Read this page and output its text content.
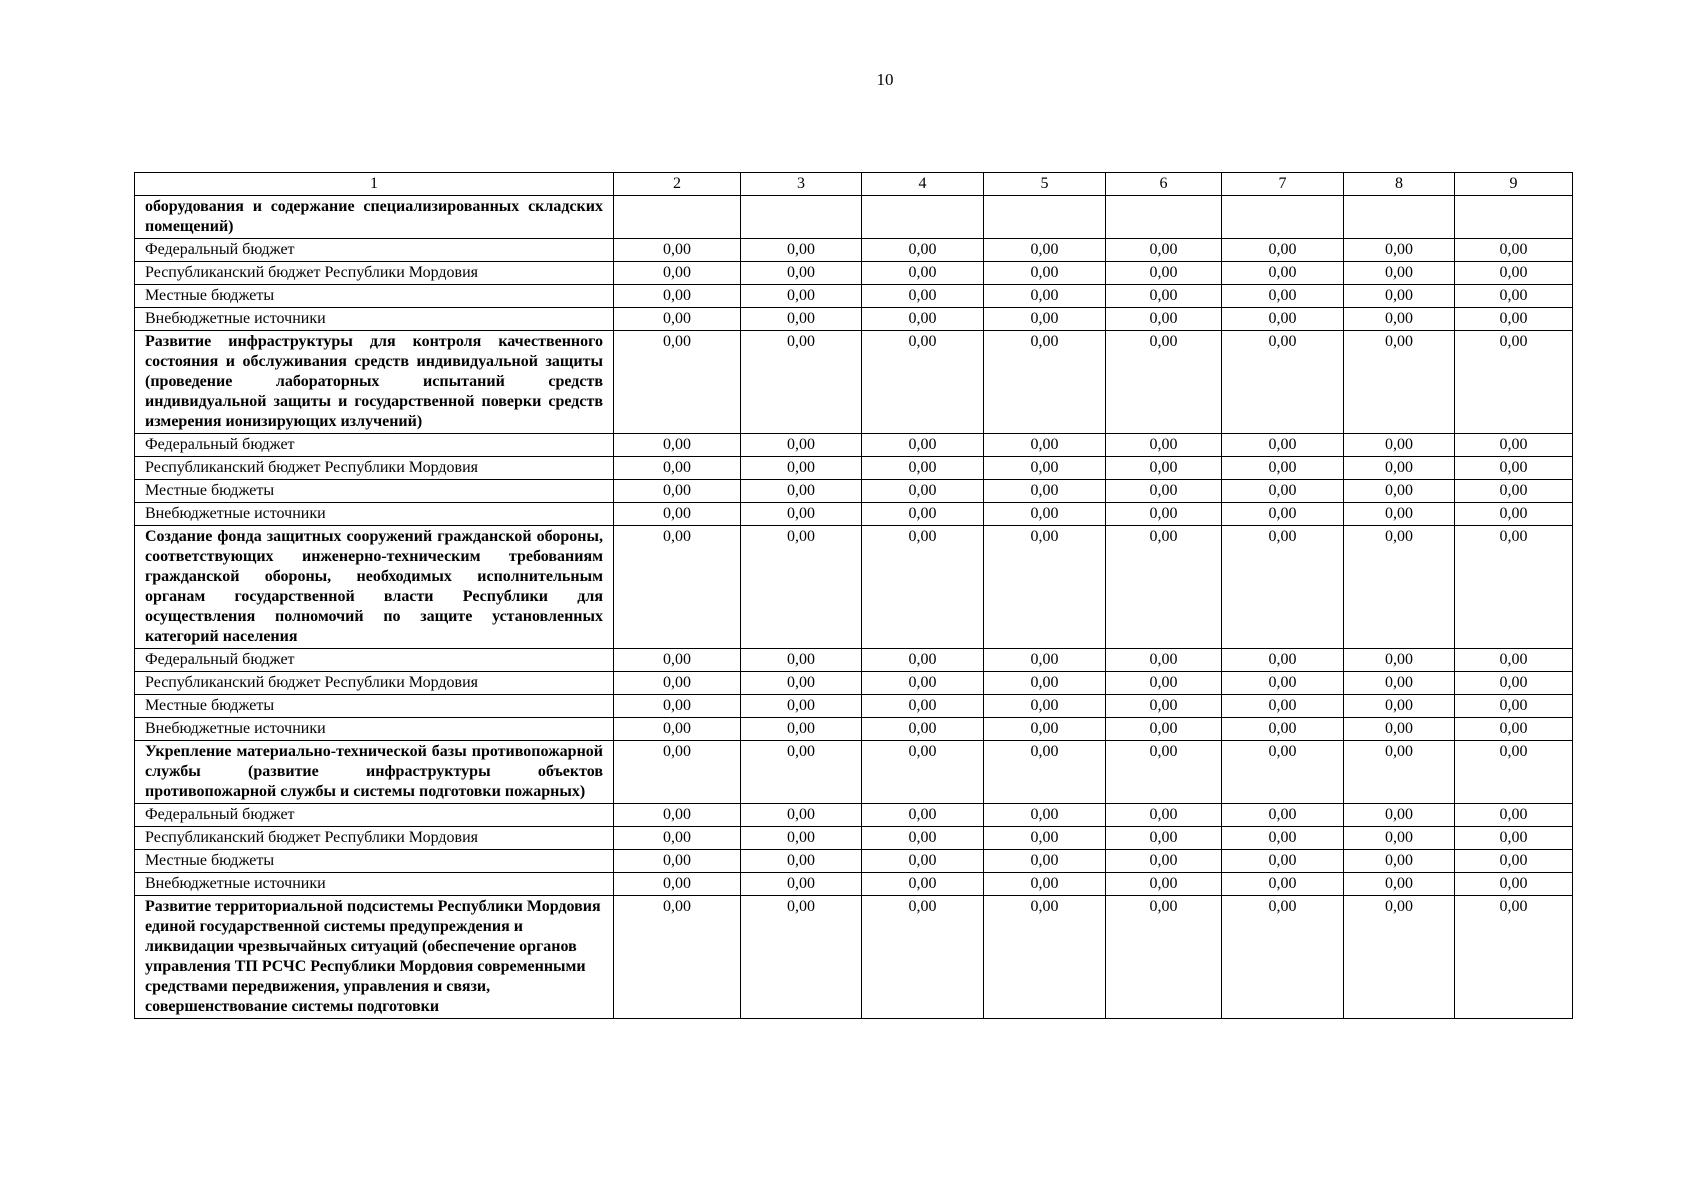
10
1	2	3	4	5	6	7	8	9
оборудования и содержание специализированных складских помещений)								
Федеральный бюджет	0,00	0,00	0,00	0,00	0,00	0,00	0,00	0,00
Республиканский бюджет Республики Мордовия	0,00	0,00	0,00	0,00	0,00	0,00	0,00	0,00
Местные бюджеты	0,00	0,00	0,00	0,00	0,00	0,00	0,00	0,00
Внебюджетные источники	0,00	0,00	0,00	0,00	0,00	0,00	0,00	0,00
Развитие инфраструктуры для контроля качественного состояния и обслуживания средств индивидуальной защиты (проведение лабораторных испытаний средств индивидуальной защиты и государственной поверки средств измерения ионизирующих излучений)	0,00	0,00	0,00	0,00	0,00	0,00	0,00	0,00
Федеральный бюджет	0,00	0,00	0,00	0,00	0,00	0,00	0,00	0,00
Республиканский бюджет Республики Мордовия	0,00	0,00	0,00	0,00	0,00	0,00	0,00	0,00
Местные бюджеты	0,00	0,00	0,00	0,00	0,00	0,00	0,00	0,00
Внебюджетные источники	0,00	0,00	0,00	0,00	0,00	0,00	0,00	0,00
Создание фонда защитных сооружений гражданской обороны, соответствующих инженерно-техническим требованиям гражданской обороны, необходимых исполнительным органам государственной власти Республики для осуществления полномочий по защите установленных категорий населения	0,00	0,00	0,00	0,00	0,00	0,00	0,00	0,00
Федеральный бюджет	0,00	0,00	0,00	0,00	0,00	0,00	0,00	0,00
Республиканский бюджет Республики Мордовия	0,00	0,00	0,00	0,00	0,00	0,00	0,00	0,00
Местные бюджеты	0,00	0,00	0,00	0,00	0,00	0,00	0,00	0,00
Внебюджетные источники	0,00	0,00	0,00	0,00	0,00	0,00	0,00	0,00
Укрепление материально-технической базы противопожарной службы (развитие инфраструктуры объектов противопожарной службы и системы подготовки пожарных)	0,00	0,00	0,00	0,00	0,00	0,00	0,00	0,00
Федеральный бюджет	0,00	0,00	0,00	0,00	0,00	0,00	0,00	0,00
Республиканский бюджет Республики Мордовия	0,00	0,00	0,00	0,00	0,00	0,00	0,00	0,00
Местные бюджеты	0,00	0,00	0,00	0,00	0,00	0,00	0,00	0,00
Внебюджетные источники	0,00	0,00	0,00	0,00	0,00	0,00	0,00	0,00
Развитие территориальной подсистемы Республики Мордовия единой государственной системы предупреждения и ликвидации чрезвычайных ситуаций (обеспечение органов управления ТП РСЧС Республики Мордовия современными средствами передвижения, управления и связи, совершенствование системы подготовки	0,00	0,00	0,00	0,00	0,00	0,00	0,00	0,00
